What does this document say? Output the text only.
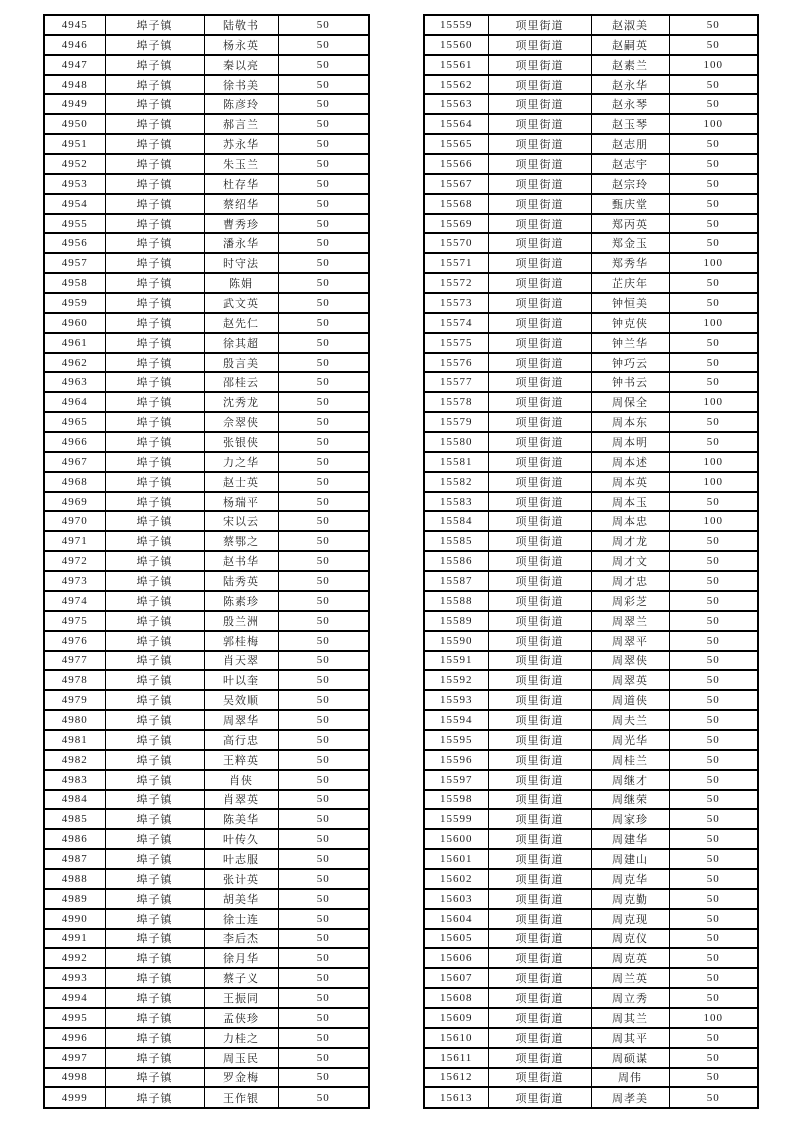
4945	埠子镇	陆敬书	50
4946	埠子镇	杨永英	50
4947	埠子镇	秦以亮	50
4948	埠子镇	徐书美	50
4949	埠子镇	陈彦玲	50
4950	埠子镇	郝言兰	50
4951	埠子镇	苏永华	50
4952	埠子镇	朱玉兰	50
4953	埠子镇	杜存华	50
4954	埠子镇	蔡绍华	50
4955	埠子镇	曹秀珍	50
4956	埠子镇	潘永华	50
4957	埠子镇	时守法	50
4958	埠子镇	陈娟	50
4959	埠子镇	武文英	50
4960	埠子镇	赵先仁	50
4961	埠子镇	徐其超	50
4962	埠子镇	殷言美	50
4963	埠子镇	邵桂云	50
4964	埠子镇	沈秀龙	50
4965	埠子镇	佘翠侠	50
4966	埠子镇	张银侠	50
4967	埠子镇	力之华	50
4968	埠子镇	赵士英	50
4969	埠子镇	杨瑞平	50
4970	埠子镇	宋以云	50
4971	埠子镇	蔡鄂之	50
4972	埠子镇	赵书华	50
4973	埠子镇	陆秀英	50
4974	埠子镇	陈素珍	50
4975	埠子镇	殷兰洲	50
4976	埠子镇	郭桂梅	50
4977	埠子镇	肖天翠	50
4978	埠子镇	叶以奎	50
4979	埠子镇	吴效顺	50
4980	埠子镇	周翠华	50
4981	埠子镇	高行忠	50
4982	埠子镇	王粹英	50
4983	埠子镇	肖侠	50
4984	埠子镇	肖翠英	50
4985	埠子镇	陈美华	50
4986	埠子镇	叶传久	50
4987	埠子镇	叶志服	50
4988	埠子镇	张计英	50
4989	埠子镇	胡美华	50
4990	埠子镇	徐士连	50
4991	埠子镇	李后杰	50
4992	埠子镇	徐月华	50
4993	埠子镇	蔡子义	50
4994	埠子镇	王振同	50
4995	埠子镇	孟侠珍	50
4996	埠子镇	力桂之	50
4997	埠子镇	周玉民	50
4998	埠子镇	罗金梅	50
4999	埠子镇	王作银	50
15559	项里街道	赵淑美	50
15560	项里街道	赵嗣英	50
15561	项里街道	赵素兰	100
15562	项里街道	赵永华	50
15563	项里街道	赵永琴	50
15564	项里街道	赵玉琴	100
15565	项里街道	赵志朋	50
15566	项里街道	赵志宇	50
15567	项里街道	赵宗玲	50
15568	项里街道	甄庆堂	50
15569	项里街道	郑丙英	50
15570	项里街道	郑金玉	50
15571	项里街道	郑秀华	100
15572	项里街道	芷庆年	50
15573	项里街道	钟恒美	50
15574	项里街道	钟克侠	100
15575	项里街道	钟兰华	50
15576	项里街道	钟巧云	50
15577	项里街道	钟书云	50
15578	项里街道	周保全	100
15579	项里街道	周本东	50
15580	项里街道	周本明	50
15581	项里街道	周本述	100
15582	项里街道	周本英	100
15583	项里街道	周本玉	50
15584	项里街道	周本忠	100
15585	项里街道	周才龙	50
15586	项里街道	周才文	50
15587	项里街道	周才忠	50
15588	项里街道	周彩芝	50
15589	项里街道	周翠兰	50
15590	项里街道	周翠平	50
15591	项里街道	周翠侠	50
15592	项里街道	周翠英	50
15593	项里街道	周道侠	50
15594	项里街道	周夫兰	50
15595	项里街道	周光华	50
15596	项里街道	周桂兰	50
15597	项里街道	周继才	50
15598	项里街道	周继荣	50
15599	项里街道	周家珍	50
15600	项里街道	周建华	50
15601	项里街道	周建山	50
15602	项里街道	周克华	50
15603	项里街道	周克勤	50
15604	项里街道	周克现	50
15605	项里街道	周克仪	50
15606	项里街道	周克英	50
15607	项里街道	周兰英	50
15608	项里街道	周立秀	50
15609	项里街道	周其兰	100
15610	项里街道	周其平	50
15611	项里街道	周硕谋	50
15612	项里街道	周伟	50
15613	项里街道	周孝美	50
